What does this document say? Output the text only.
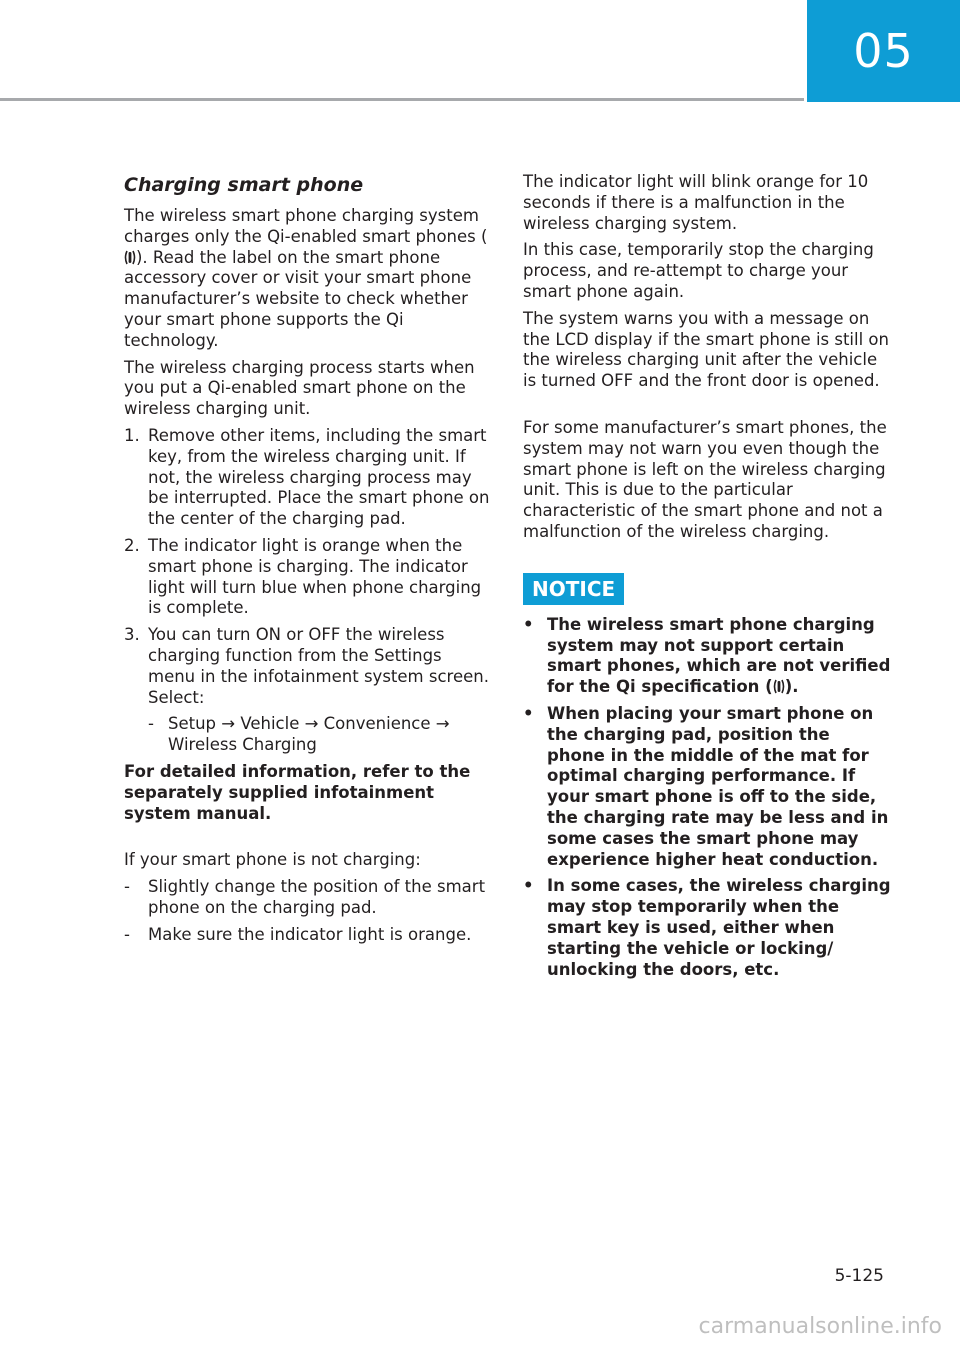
05
Charging smart phone

The wireless smart phone charging system charges only the Qi-enabled smart phones (). Read the label on the smart phone accessory cover or visit your smart phone manufacturer’s website to check whether your smart phone supports the Qi technology.

The wireless charging process starts when you put a Qi-enabled smart phone on the wireless charging unit.

1. Remove other items, including the smart key, from the wireless charging unit. If not, the wireless charging process may be interrupted. Place the smart phone on the center of the charging pad.
2. The indicator light is orange when the smart phone is charging. The indicator light will turn blue when phone charging is complete.
3. You can turn ON or OFF the wireless charging function from the Settings menu in the infotainment system screen. Select:
- Setup → Vehicle → Convenience → Wireless Charging

For detailed information, refer to the separately supplied infotainment system manual.

If your smart phone is not charging:

-	Slightly change the position of the smart phone on the charging pad.
-	Make sure the indicator light is orange.

The indicator light will blink orange for 10 seconds if there is a malfunction in the wireless charging system.

In this case, temporarily stop the charging process, and re-attempt to charge your smart phone again.

The system warns you with a message on the LCD display if the smart phone is still on the wireless charging unit after the vehicle is turned OFF and the front door is opened.

For some manufacturer’s smart phones, the system may not warn you even though the smart phone is left on the wireless charging unit. This is due to the particular characteristic of the smart phone and not a malfunction of the wireless charging.

NOTICE
• The wireless smart phone charging system may not support certain smart phones, which are not verified for the Qi specification ( ).
• When placing your smart phone on the charging pad, position the phone in the middle of the mat for optimal charging performance. If your smart phone is off to the side, the charging rate may be less and in some cases the smart phone may experience higher heat conduction.
• In some cases, the wireless charging may stop temporarily when the smart key is used, either when starting the vehicle or locking/ unlocking the doors, etc.
5-125
carmanualsonline.info
